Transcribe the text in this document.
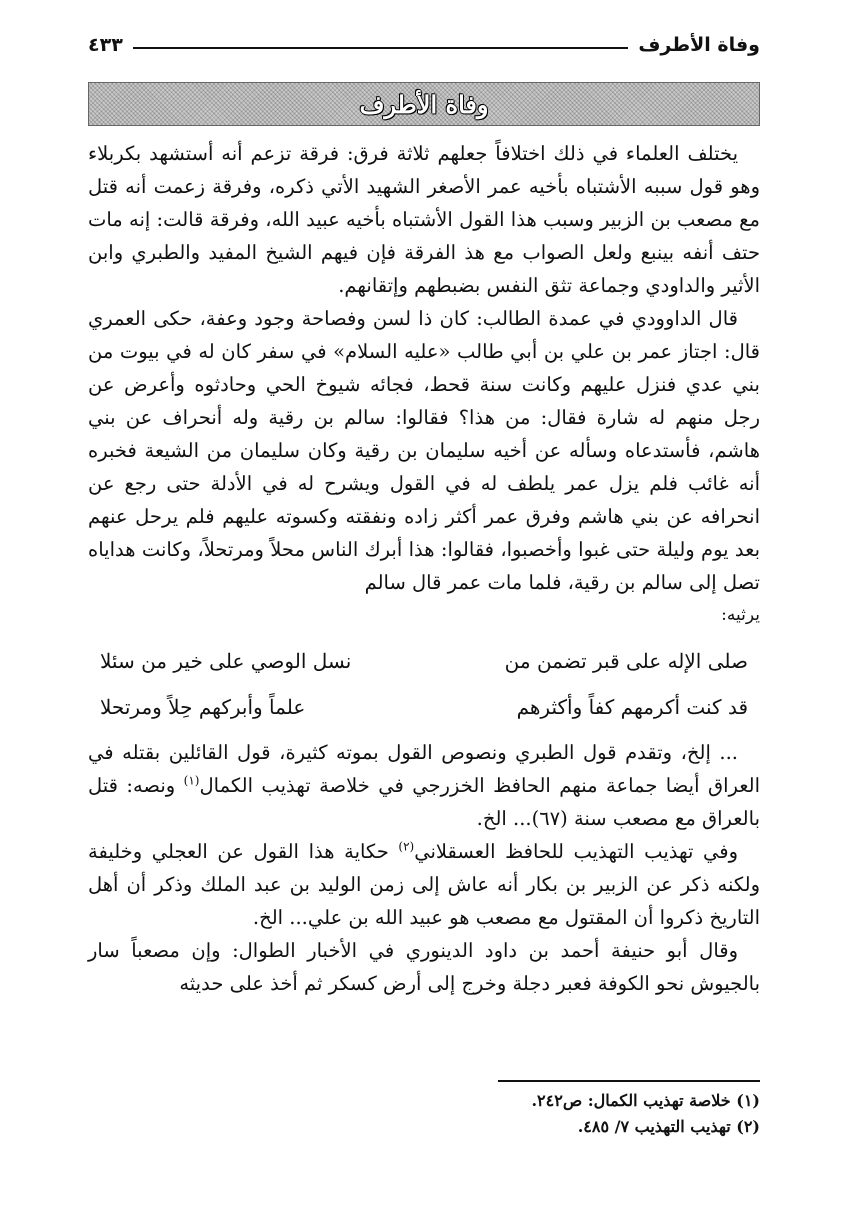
وفاة الأطرف
٤٣٣
وفاة الأطرف

يختلف العلماء في ذلك اختلافاً جعلهم ثلاثة فرق: فرقة تزعم أنه أستشهد بكربلاء وهو قول سببه الأشتباه بأخيه عمر الأصغر الشهيد الأتي ذكره، وفرقة زعمت أنه قتل مع مصعب بن الزبير وسبب هذا القول الأشتباه بأخيه عبيد الله، وفرقة قالت: إنه مات حتف أنفه بينبع ولعل الصواب مع هذ الفرقة فإن فيهم الشيخ المفيد والطبري وابن الأثير والداودي وجماعة تثق النفس بضبطهم وإتقانهم.

قال الداوودي في عمدة الطالب: كان ذا لسن وفصاحة وجود وعفة، حكى العمري قال: اجتاز عمر بن علي بن أبي طالب «عليه السلام» في سفر كان له في بيوت من بني عدي فنزل عليهم وكانت سنة قحط، فجائه شيوخ الحي وحادثوه وأعرض عن رجل منهم له شارة فقال: من هذا؟ فقالوا: سالم بن رقية وله أنحراف عن بني هاشم، فأستدعاه وسأله عن أخيه سليمان بن رقية وكان سليمان من الشيعة فخبره أنه غائب فلم يزل عمر يلطف له في القول ويشرح له في الأدلة حتى رجع عن انحرافه عن بني هاشم وفرق عمر أكثر زاده ونفقته وكسوته عليهم فلم يرحل عنهم بعد يوم وليلة حتى غبوا وأخصبوا، فقالوا: هذا أبرك الناس محلاً ومرتحلاً، وكانت هداياه تصل إلى سالم بن رقية، فلما مات عمر قال سالم

يرثيه:

صلى الإله على قبر تضمن من
نسل الوصي على خير من سئلا
قد كنت أكرمهم كفاً وأكثرهم
علماً وأبركهم حِلاً ومرتحلا

... إلخ، وتقدم قول الطبري ونصوص القول بموته كثيرة، قول القائلين بقتله في العراق أيضا جماعة منهم الحافظ الخزرجي في خلاصة تهذيب الكمال$^{(١)}$ ونصه: قتل بالعراق مع مصعب سنة (٦٧)... الخ.

وفي تهذيب التهذيب للحافظ العسقلاني$^{(٢)}$ حكاية هذا القول عن العجلي وخليفة ولكنه ذكر عن الزبير بن بكار أنه عاش إلى زمن الوليد بن عبد الملك وذكر أن أهل التاريخ ذكروا أن المقتول مع مصعب هو عبيد الله بن علي... الخ.

وقال أبو حنيفة أحمد بن داود الدينوري في الأخبار الطوال: وإن مصعباً سار بالجيوش نحو الكوفة فعبر دجلة وخرج إلى أرض كسكر ثم أخذ على حديثه

(١) خلاصة تهذيب الكمال: ص٢٤٢.
(٢) تهذيب التهذيب ٧/ ٤٨٥.
